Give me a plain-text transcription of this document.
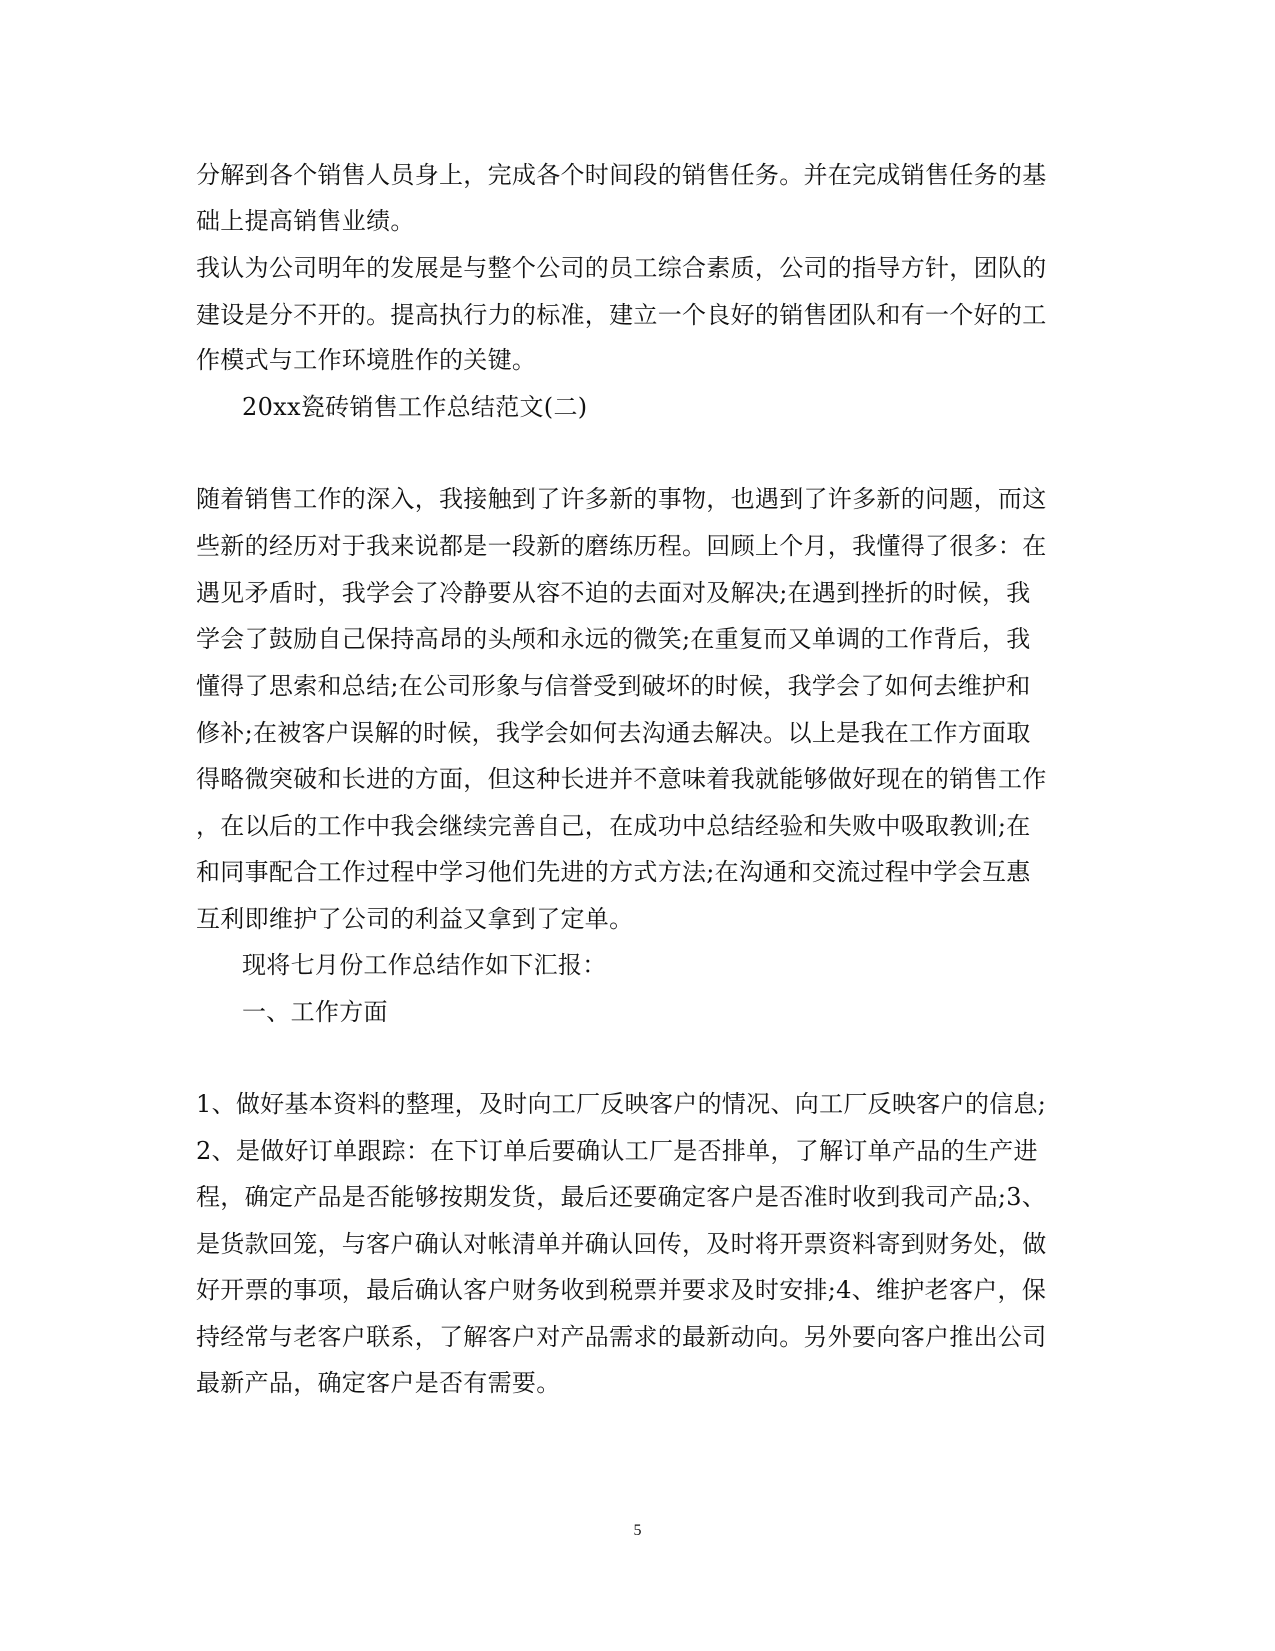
分解到各个销售人员身上，完成各个时间段的销售任务。并在完成销售任务的基
础上提高销售业绩。
我认为公司明年的发展是与整个公司的员工综合素质，公司的指导方针，团队的
建设是分不开的。提高执行力的标准，建立一个良好的销售团队和有一个好的工
作模式与工作环境胜作的关键。
20xx瓷砖销售工作总结范文(二)
随着销售工作的深入，我接触到了许多新的事物，也遇到了许多新的问题，而这
些新的经历对于我来说都是一段新的磨练历程。回顾上个月，我懂得了很多：在
遇见矛盾时，我学会了冷静要从容不迫的去面对及解决;在遇到挫折的时候，我
学会了鼓励自己保持高昂的头颅和永远的微笑;在重复而又单调的工作背后，我
懂得了思索和总结;在公司形象与信誉受到破坏的时候，我学会了如何去维护和
修补;在被客户误解的时候，我学会如何去沟通去解决。以上是我在工作方面取
得略微突破和长进的方面，但这种长进并不意味着我就能够做好现在的销售工作
，在以后的工作中我会继续完善自己，在成功中总结经验和失败中吸取教训;在
和同事配合工作过程中学习他们先进的方式方法;在沟通和交流过程中学会互惠
互利即维护了公司的利益又拿到了定单。
现将七月份工作总结作如下汇报：
一、工作方面
1、做好基本资料的整理，及时向工厂反映客户的情况、向工厂反映客户的信息;
2、是做好订单跟踪：在下订单后要确认工厂是否排单，了解订单产品的生产进
程，确定产品是否能够按期发货，最后还要确定客户是否准时收到我司产品;3、
是货款回笼，与客户确认对帐清单并确认回传，及时将开票资料寄到财务处，做
好开票的事项，最后确认客户财务收到税票并要求及时安排;4、维护老客户，保
持经常与老客户联系，了解客户对产品需求的最新动向。另外要向客户推出公司
最新产品，确定客户是否有需要。
5
